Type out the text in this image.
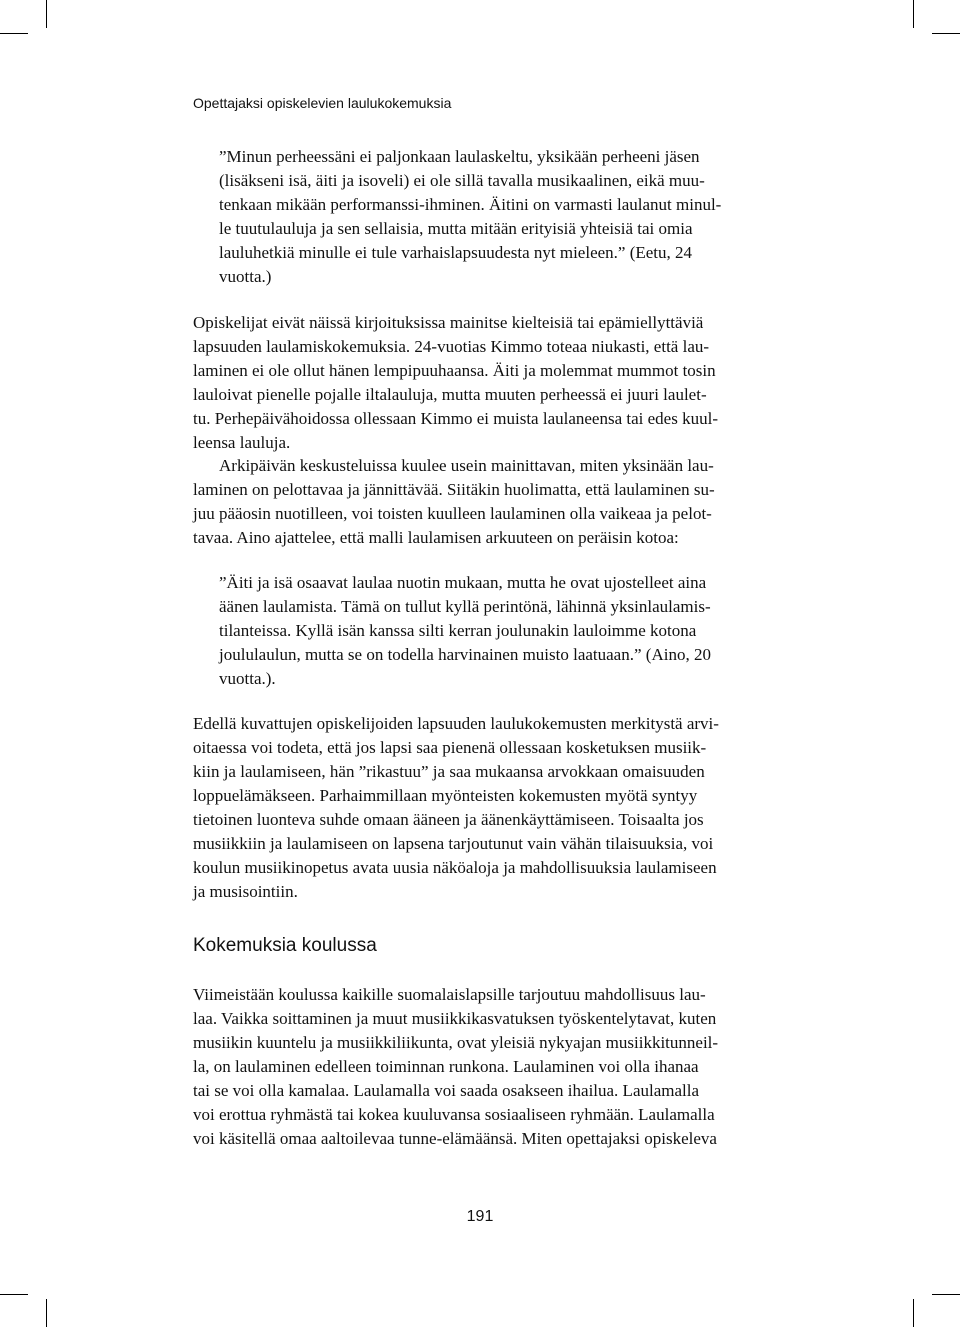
Opettajaksi opiskelevien laulukokemuksia
”Minun perheessäni ei paljonkaan laulaskeltu, yksikään perheeni jäsen
(lisäkseni isä, äiti ja isoveli) ei ole sillä tavalla musikaalinen, eikä muu-
tenkaan mikään performanssi-ihminen. Äitini on varmasti laulanut minul-
le tuutulauluja ja sen sellaisia, mutta mitään erityisiä yhteisiä tai omia
lauluhetkiä minulle ei tule varhaislapsuudesta nyt mieleen.” (Eetu, 24
vuotta.)
Opiskelijat eivät näissä kirjoituksissa mainitse kielteisiä tai epämiellyttäviä
lapsuuden laulamiskokemuksia. 24-vuotias Kimmo toteaa niukasti, että lau-
laminen ei ole ollut hänen lempipuuhaansa. Äiti ja molemmat mummot tosin
lauloivat pienelle pojalle iltalauluja, mutta muuten perheessä ei juuri laulet-
tu. Perhepäivähoidossa ollessaan Kimmo ei muista laulaneensa tai edes kuul-
leensa lauluja.
Arkipäivän keskusteluissa kuulee usein mainittavan, miten yksinään lau-
laminen on pelottavaa ja jännittävää. Siitäkin huolimatta, että laulaminen su-
juu pääosin nuotilleen, voi toisten kuulleen laulaminen olla vaikeaa ja pelot-
tavaa. Aino ajattelee, että malli laulamisen arkuuteen on peräisin kotoa:
”Äiti ja isä osaavat laulaa nuotin mukaan, mutta he ovat ujostelleet aina
äänen laulamista. Tämä on tullut kyllä perintönä, lähinnä yksinlaulamis-
tilanteissa. Kyllä isän kanssa silti kerran joulunakin lauloimme kotona
joululaulun, mutta se on todella harvinainen muisto laatuaan.” (Aino, 20
vuotta.).
Edellä kuvattujen opiskelijoiden lapsuuden laulukokemusten merkitystä arvi-
oitaessa voi todeta, että jos lapsi saa pienenä ollessaan kosketuksen musiik-
kiin ja laulamiseen, hän ”rikastuu” ja saa mukaansa arvokkaan omaisuuden
loppuelämäkseen. Parhaimmillaan myönteisten kokemusten myötä syntyy
tietoinen luonteva suhde omaan ääneen ja äänenkäyttämiseen. Toisaalta jos
musiikkiin ja laulamiseen on lapsena tarjoutunut vain vähän tilaisuuksia, voi
koulun musiikinopetus avata uusia näköaloja ja mahdollisuuksia laulamiseen
ja musisointiin.
Kokemuksia koulussa
Viimeistään koulussa kaikille suomalaislapsille tarjoutuu mahdollisuus lau-
laa. Vaikka soittaminen ja muut musiikkikasvatuksen työskentelytavat, kuten
musiikin kuuntelu ja musiikkiliikunta, ovat yleisiä nykyajan musiikkitunneil-
la, on laulaminen edelleen toiminnan runkona. Laulaminen voi olla ihanaa
tai se voi olla kamalaa. Laulamalla voi saada osakseen ihailua. Laulamalla
voi erottua ryhmästä tai kokea kuuluvansa sosiaaliseen ryhmään. Laulamalla
voi käsitellä omaa aaltoilevaa tunne-elämäänsä. Miten opettajaksi opiskeleva
191
